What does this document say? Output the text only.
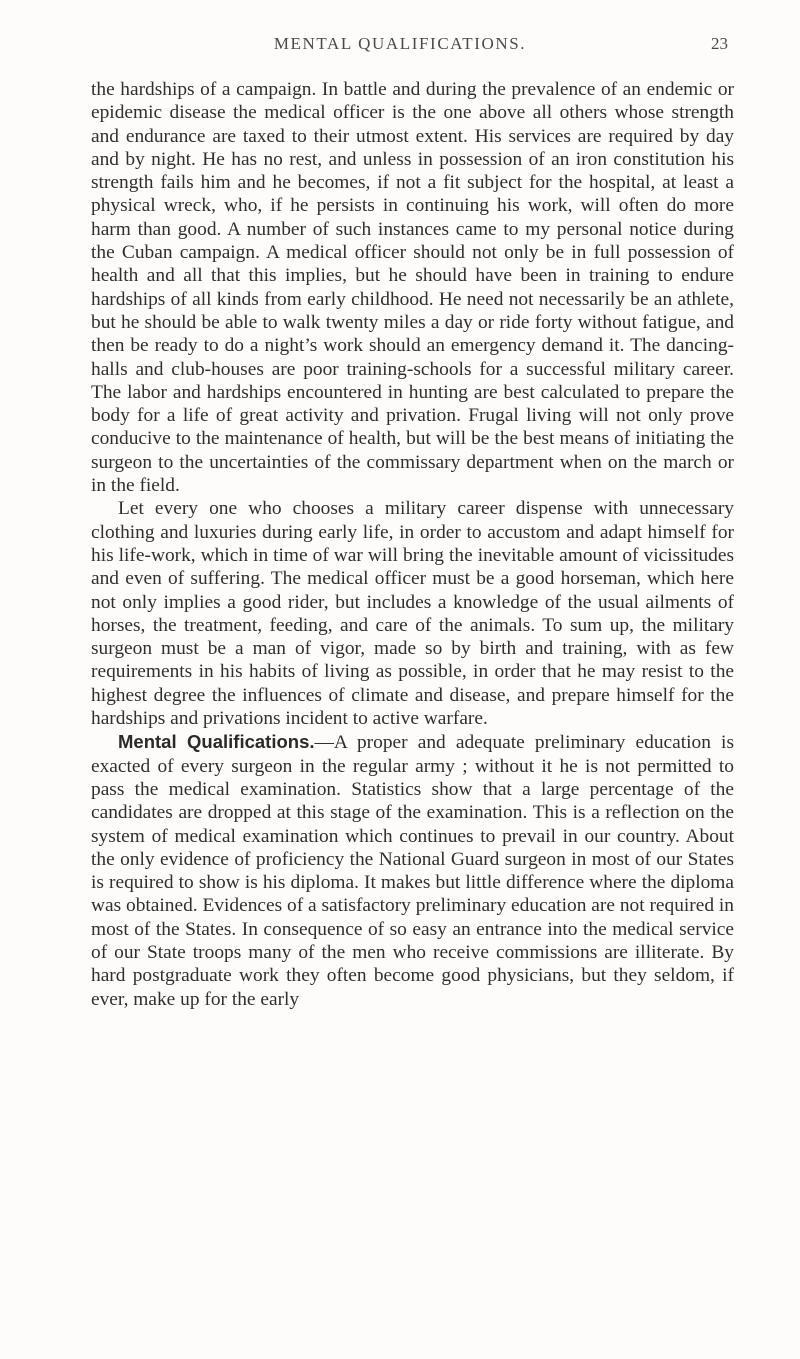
MENTAL QUALIFICATIONS.	23

the hardships of a campaign. In battle and during the prevalence of an endemic or epidemic disease the medical officer is the one above all others whose strength and endurance are taxed to their utmost extent. His services are required by day and by night. He has no rest, and unless in possession of an iron constitution his strength fails him and he becomes, if not a fit subject for the hospital, at least a physical wreck, who, if he persists in continuing his work, will often do more harm than good. A number of such instances came to my personal notice during the Cuban campaign. A medical officer should not only be in full possession of health and all that this implies, but he should have been in training to endure hardships of all kinds from early childhood. He need not necessarily be an athlete, but he should be able to walk twenty miles a day or ride forty without fatigue, and then be ready to do a night’s work should an emergency demand it. The dancing-halls and club-houses are poor training-schools for a successful military career. The labor and hardships encountered in hunting are best calculated to prepare the body for a life of great activity and privation. Frugal living will not only prove conducive to the maintenance of health, but will be the best means of initiating the surgeon to the uncertainties of the commissary department when on the march or in the field.

Let every one who chooses a military career dispense with unnecessary clothing and luxuries during early life, in order to accustom and adapt himself for his life-work, which in time of war will bring the inevitable amount of vicissitudes and even of suffering. The medical officer must be a good horseman, which here not only implies a good rider, but includes a knowledge of the usual ailments of horses, the treatment, feeding, and care of the animals. To sum up, the military surgeon must be a man of vigor, made so by birth and training, with as few requirements in his habits of living as possible, in order that he may resist to the highest degree the influences of climate and disease, and prepare himself for the hardships and privations incident to active warfare.

Mental Qualifications.—A proper and adequate preliminary education is exacted of every surgeon in the regular army ; without it he is not permitted to pass the medical examination. Statistics show that a large percentage of the candidates are dropped at this stage of the examination. This is a reflection on the system of medical examination which continues to prevail in our country. About the only evidence of proficiency the National Guard surgeon in most of our States is required to show is his diploma. It makes but little difference where the diploma was obtained. Evidences of a satisfactory preliminary education are not required in most of the States. In consequence of so easy an entrance into the medical service of our State troops many of the men who receive commissions are illiterate. By hard postgraduate work they often become good physicians, but they seldom, if ever, make up for the early
